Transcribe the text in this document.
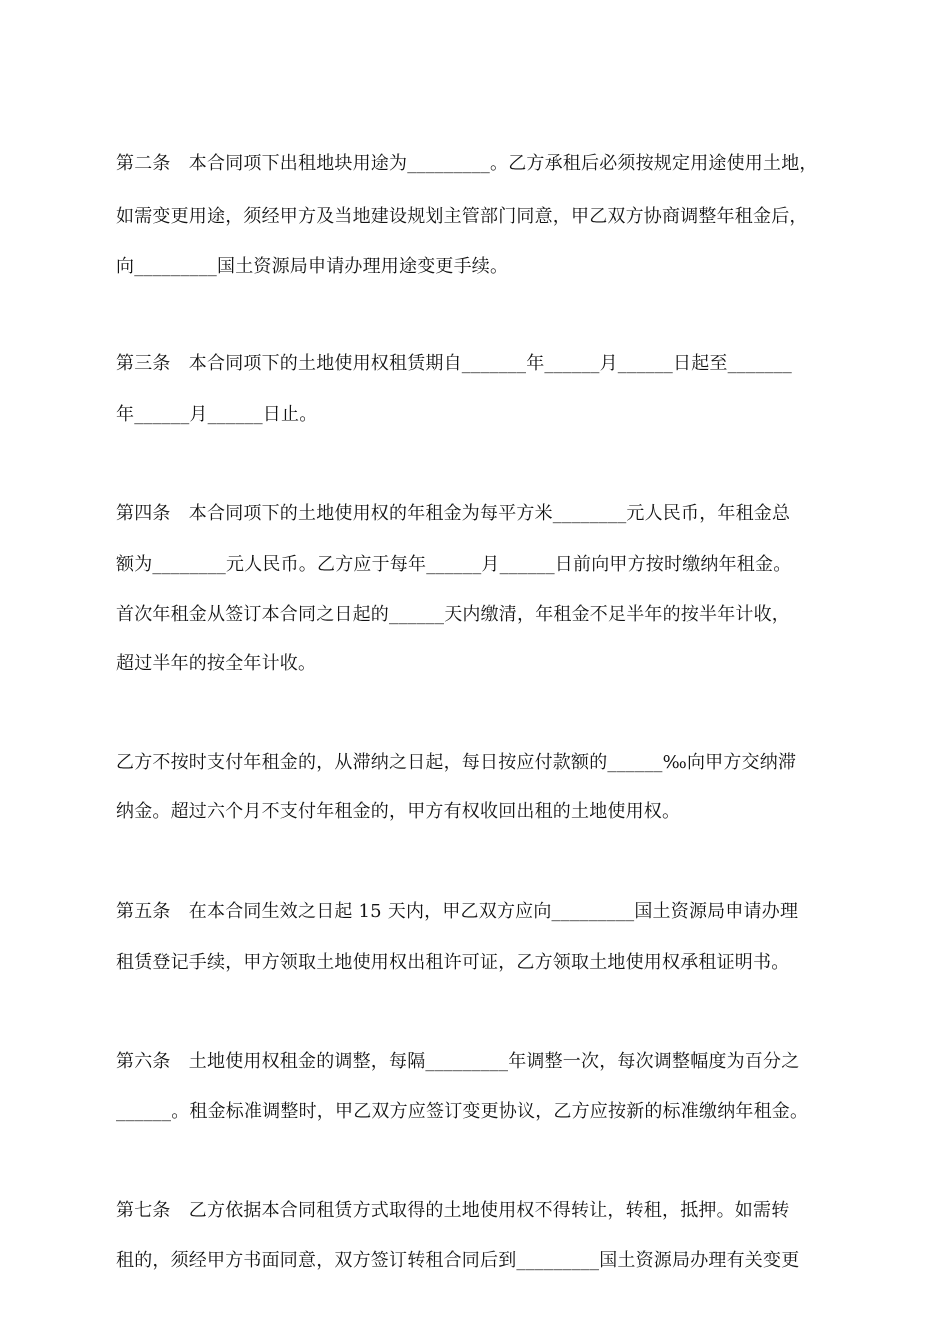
第二条　本合同项下出租地块用途为_________。乙方承租后必须按规定用途使用土地，
如需变更用途，须经甲方及当地建设规划主管部门同意，甲乙双方协商调整年租金后，
向_________国土资源局申请办理用途变更手续。
第三条　本合同项下的土地使用权租赁期自_______年______月______日起至_______
年______月______日止。
第四条　本合同项下的土地使用权的年租金为每平方米________元人民币，年租金总
额为________元人民币。乙方应于每年______月______日前向甲方按时缴纳年租金。
首次年租金从签订本合同之日起的______天内缴清，年租金不足半年的按半年计收，
超过半年的按全年计收。
乙方不按时支付年租金的，从滞纳之日起，每日按应付款额的______‰向甲方交纳滞
纳金。超过六个月不支付年租金的，甲方有权收回出租的土地使用权。
第五条　在本合同生效之日起 15 天内，甲乙双方应向_________国土资源局申请办理
租赁登记手续，甲方领取土地使用权出租许可证，乙方领取土地使用权承租证明书。
第六条　土地使用权租金的调整，每隔_________年调整一次，每次调整幅度为百分之
______。租金标准调整时，甲乙双方应签订变更协议，乙方应按新的标准缴纳年租金。
第七条　乙方依据本合同租赁方式取得的土地使用权不得转让，转租，抵押。如需转
租的，须经甲方书面同意，双方签订转租合同后到_________国土资源局办理有关变更
